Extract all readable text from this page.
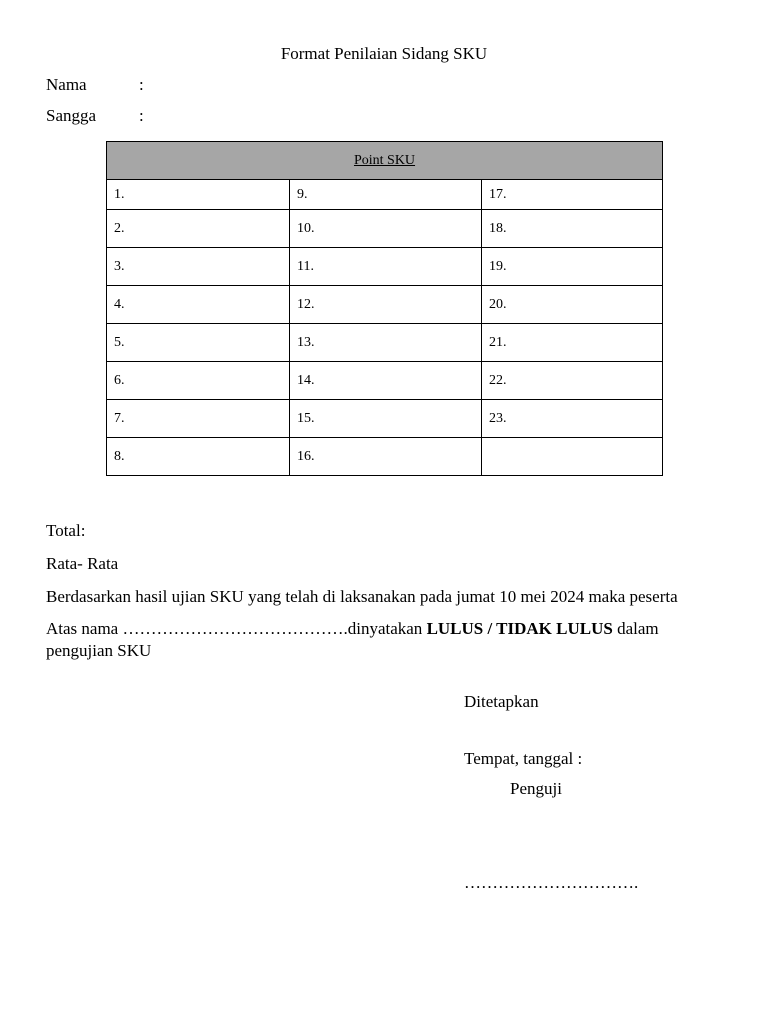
Format Penilaian Sidang SKU
Nama	:
Sangga	:
Point SKU		
1.	9.	17.
2.	10.	18.
3.	11.	19.
4.	12.	20.
5.	13.	21.
6.	14.	22.
7.	15.	23.
8.	16.	
Total:
Rata- Rata
Berdasarkan hasil ujian SKU yang telah di laksanakan pada jumat 10 mei 2024 maka peserta
Atas nama ………………………………….dinyatakan LULUS / TIDAK LULUS dalam pengujian SKU
Ditetapkan
Tempat, tanggal :
Penguji
………………………….
